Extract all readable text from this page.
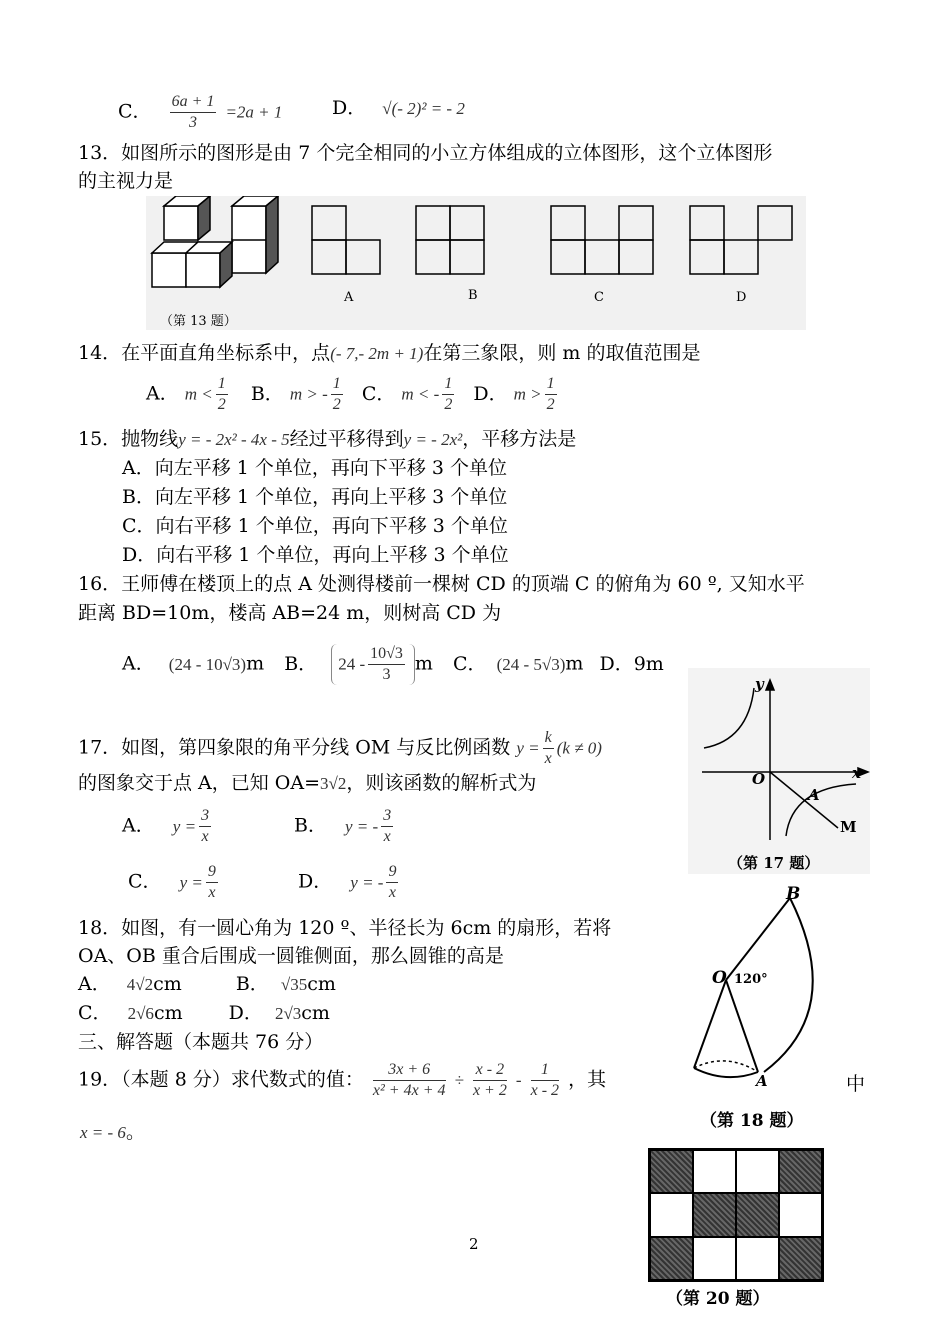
C． $\frac{6a + 1}{3} =2a + 1$	D． √(- 2)² = - 2
13．如图所示的图形是由 7 个完全相同的小立方体组成的立体图形，这个立体图形
的主视力是
（第 13 题）
A	B	C	D
14．在平面直角坐标系中，点(- 7,- 2m + 1)在第三象限，则 m 的取值范围是
A． $m < \frac{1}{2}$ B． m > - $\frac{1}{2}$ C． m < - $\frac{1}{2}$ D． $m > \frac{1}{2}$
15．抛物线y = - 2x² - 4x - 5经过平移得到y = - 2x²，平移方法是
A．向左平移 1 个单位，再向下平移 3 个单位
B．向左平移 1 个单位，再向上平移 3 个单位
C．向右平移 1 个单位，再向下平移 3 个单位
D．向右平移 1 个单位，再向上平移 3 个单位
16．王师傅在楼顶上的点 A 处测得楼前一棵树 CD 的顶端 C 的俯角为 60 º, 又知水平
距离 BD=10m，楼高 AB=24 m，则树高 CD 为
A． (24 - 10√3)m B． $24 - \frac{10√3}{3}$ m C． (24 - 5√3)m D．9m
17．如图，第四象限的角平分线 OM 与反比例函数 $y = \frac{k}{x} (k \ne 0)$
的图象交于点 A，已知 OA=3√2，则该函数的解析式为
A． $y = \frac{3}{x}$	B． y = - $\frac{3}{x}$
C． $y = \frac{9}{x}$	D． y = - $\frac{9}{x}$
y
x
O
A
M
（第 17 题）
18．如图，有一圆心角为 120 º、半径长为 6cm 的扇形，若将
OA、OB 重合后围成一圆锥侧面，那么圆锥的高是
A． 4√2cm	B． √35cm
C． 2√6cm D． 2√3cm
B
O 120°
A
（第 18 题）
三、解答题（本题共 76 分）
19．（本题 8 分）求代数式的值： $\frac{3x + 6}{\text{x² + 4x + 4}} \div \frac{x - 2}{x + 2} - \frac{1}{x - 2}$ ，其	中
x = - 6。
（第 20 题）
2
